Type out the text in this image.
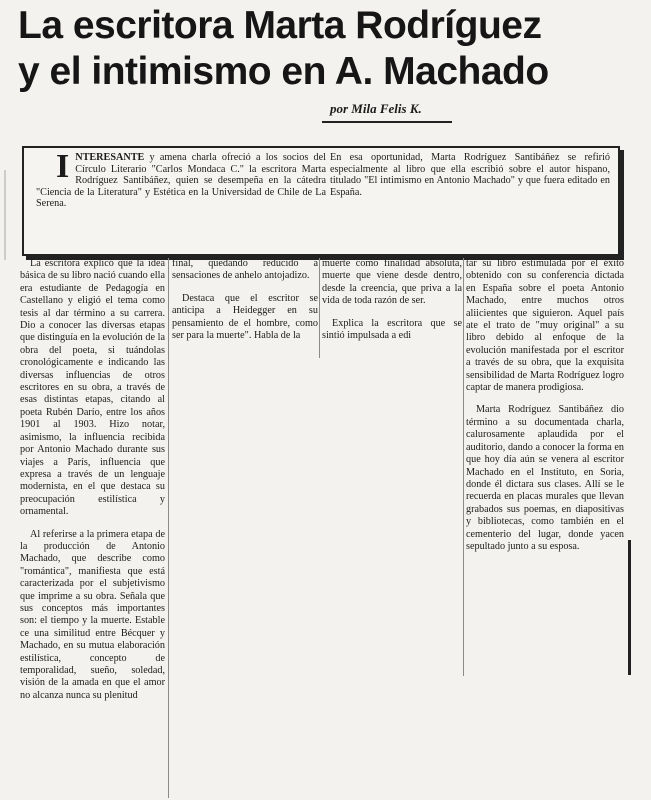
La escritora Marta Rodríguez
y el intimismo en A. Machado
por Mila Felis K.
INTERESANTE y amena charla ofreció a los socios del Círculo Literario "Carlos Mondaca C." la escritora Marta Rodríguez Santibáñez, quien se desempeña en la cátedra "Ciencia de la Literatura" y Estética en la Universidad de Chile de La Serena.

En esa oportunidad, Marta Rodríguez Santibáñez se refirió especialmente al libro que ella escribió sobre el autor hispano, titulado "El intimismo en Antonio Machado" y que fuera editado en España.

La escritora explicó que la idea básica de su libro nació cuando ella era estudiante de Pedagogía en Castellano y eligió el tema como tesis al dar término a su carrera. Dio a conocer las diversas etapas que distinguía en la evolución de la obra del poeta, si tuándolas cronológicamente e indicando las diversas influencias de otros escritores en su obra, a través de esas distintas etapas, citando al poeta Rubén Darío, entre los años 1901 al 1903. Hizo notar, asimismo, la influencia recibida por Antonio Machado durante sus viajes a París, influencia que expresa a través de un lenguaje modernista, en el que destaca su preocupación estilística y ornamental.

Al referirse a la primera etapa de la producción de Antonio Machado, que describe como "romántica", manifiesta que está caracterizada por el subjetivismo que imprime a su obra. Señala que sus conceptos más importantes son: el tiempo y la muerte. Estable ce una similitud entre Bécquer y Machado, en su mutua elaboración estilística, concepto de temporalidad, sueño, soledad, visión de la amada en que el amor no alcanza nunca su plenitud

final, quedando reducido a sensaciones de anhelo antojadizo.

Destaca que el escritor se anticipa a Heidegger en su pensamiento de el hombre, como ser para la muerte". Habla de la

muerte como finalidad absoluta, muerte que viene desde dentro, desde la creencia, que priva a la vida de toda razón de ser.

Explica la escritora que se sintió impulsada a edi

tar su libro estimulada por el éxito obtenido con su conferencia dictada en España sobre el poeta Antonio Machado, entre muchos otros aliicientes que siguieron. Aquel país ate el trato de "muy original" a su libro debido al enfoque de la evolución manifestada por el escritor a través de su obra, que la exquisita sensibilidad de Marta Rodríguez logro captar de manera prodigiosa.

Marta Rodríguez Santibáñez dio término a su documentada charla, calurosamente aplaudida por el auditorio, dando a conocer la forma en que hoy día aún se venera al escritor Machado en el Instituto, en Soria, donde él dictara sus clases. Allí se le recuerda en placas murales que llevan grabados sus poemas, en diapositivas y bibliotecas, como también en el cementerio del lugar, donde yacen sepultado junto a su esposa.
